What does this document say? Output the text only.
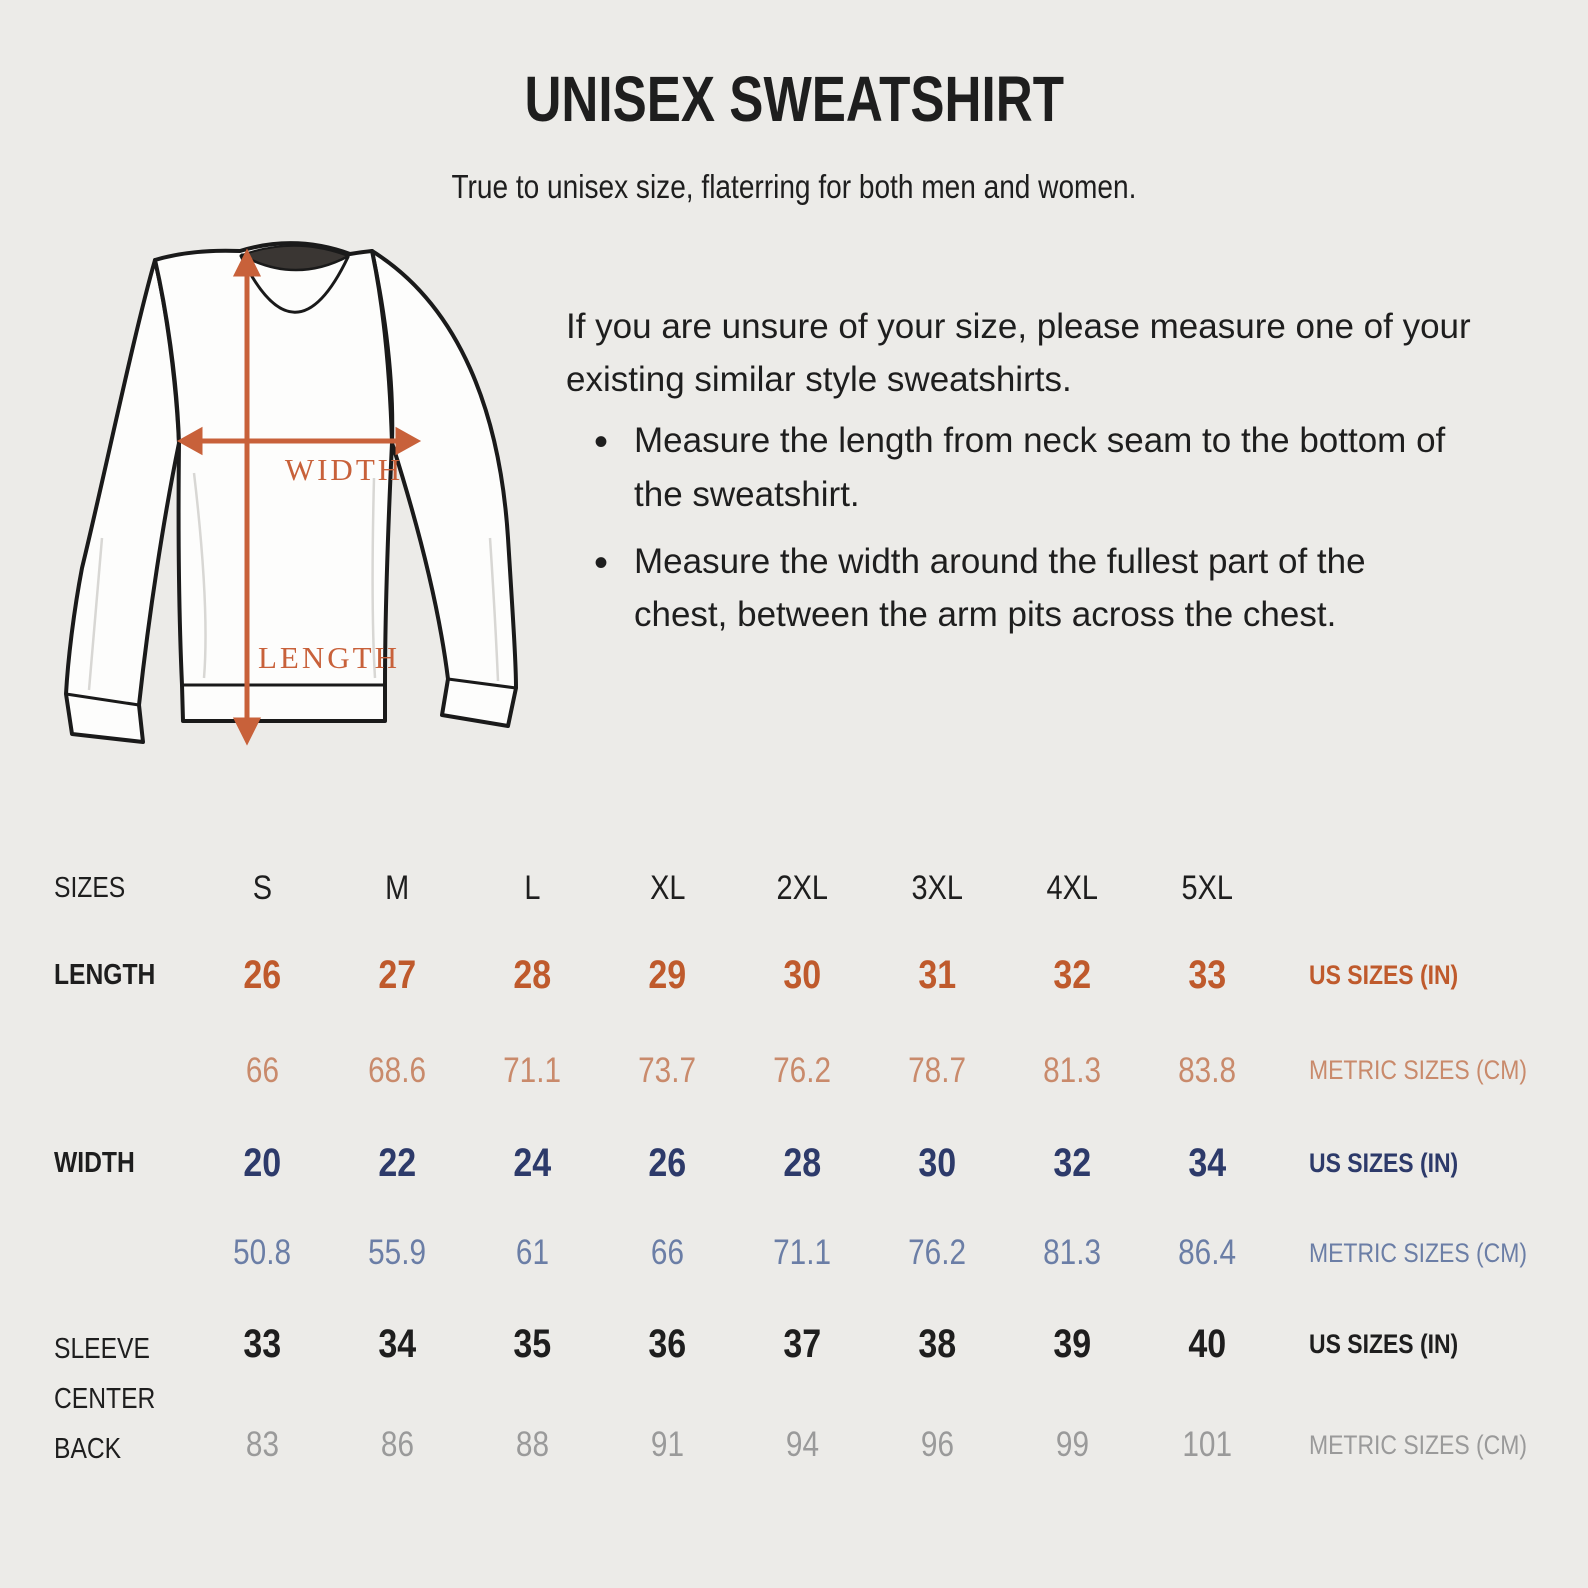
UNISEX SWEATSHIRT
True to unisex size, flaterring for both men and women.
WIDTH
LENGTH

If you are unsure of your size, please measure one of your existing similar style sweatshirts.

• Measure the length from neck seam to the bottom of the sweatshirt.
• Measure the width around the fullest part of the chest, between the arm pits across the chest.
SIZES	S	M	L	XL	2XL	3XL	4XL	5XL
LENGTH	26	27	28	29	30	31	32	33	US SIZES (IN)
66	68.6	71.1	73.7	76.2	78.7	81.3	83.8	METRIC SIZES (CM)
WIDTH	20	22	24	26	28	30	32	34	US SIZES (IN)
50.8	55.9	61	66	71.1	76.2	81.3	86.4	METRIC SIZES (CM)
SLEEVE CENTER BACK
33	34	35	36	37	38	39	40	US SIZES (IN)
83	86	88	91	94	96	99	101	METRIC SIZES (CM)
